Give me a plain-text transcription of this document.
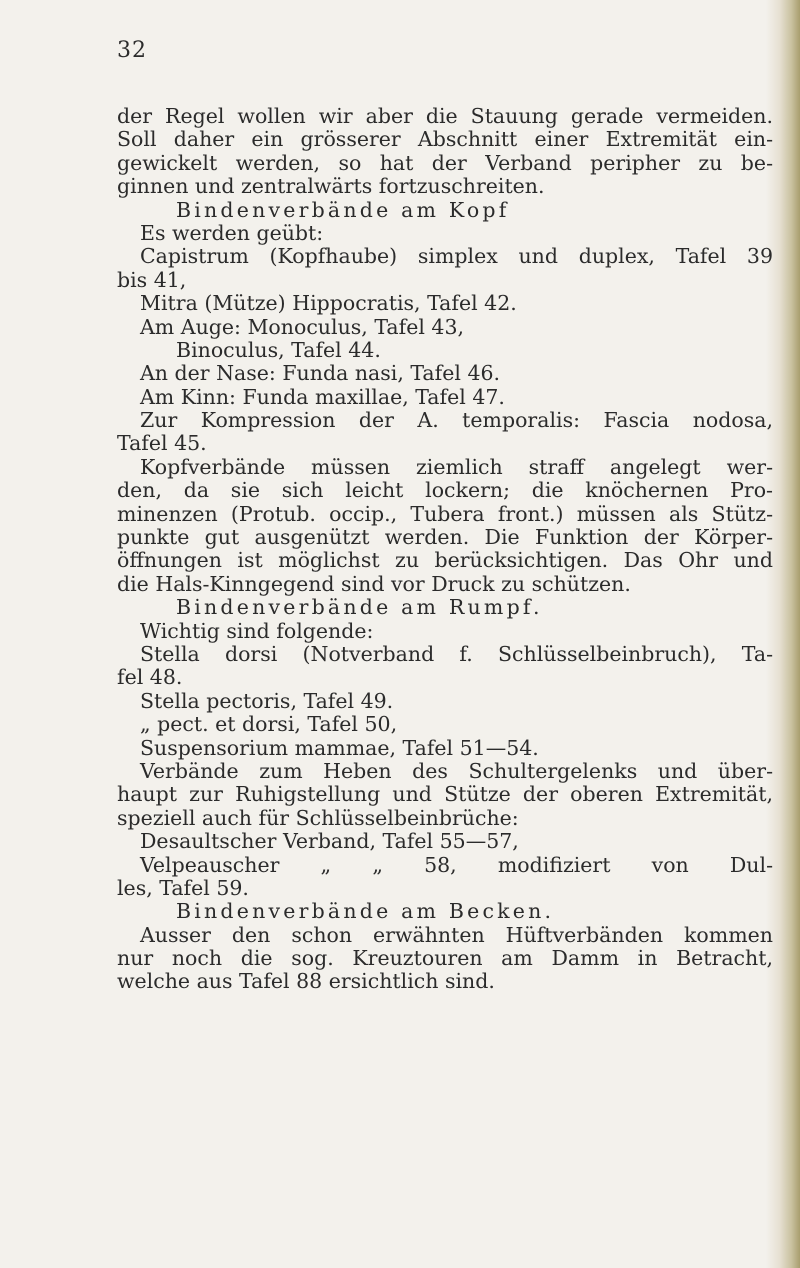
32
der Regel wollen wir aber die Stauung gerade vermeiden.
Soll daher ein grösserer Abschnitt einer Extremität ein-
gewickelt werden, so hat der Verband peripher zu be-
ginnen und zentralwärts fortzuschreiten.
Bindenverbände am Kopf
Es werden geübt:
Capistrum (Kopfhaube) simplex und duplex, Tafel 39
bis 41,
Mitra (Mütze) Hippocratis, Tafel 42.
Am Auge: Monoculus, Tafel 43,
Binoculus, Tafel 44.
An der Nase: Funda nasi, Tafel 46.
Am Kinn: Funda maxillae, Tafel 47.
Zur Kompression der A. temporalis: Fascia nodosa,
Tafel 45.
Kopfverbände müssen ziemlich straff angelegt wer-
den, da sie sich leicht lockern; die knöchernen Pro-
minenzen (Protub. occip., Tubera front.) müssen als Stütz-
punkte gut ausgenützt werden. Die Funktion der Körper-
öffnungen ist möglichst zu berücksichtigen. Das Ohr und
die Hals-Kinngegend sind vor Druck zu schützen.
Bindenverbände am Rumpf.
Wichtig sind folgende:
Stella dorsi (Notverband f. Schlüsselbeinbruch), Ta-
fel 48.
Stella pectoris, Tafel 49.
„ pect. et dorsi, Tafel 50,
Suspensorium mammae, Tafel 51—54.
Verbände zum Heben des Schultergelenks und über-
haupt zur Ruhigstellung und Stütze der oberen Extremität,
speziell auch für Schlüsselbeinbrüche:
Desaultscher Verband, Tafel 55—57,
Velpeauscher „ „ 58, modifiziert von Dul-
les, Tafel 59.
Bindenverbände am Becken.
Ausser den schon erwähnten Hüftverbänden kommen
nur noch die sog. Kreuztouren am Damm in Betracht,
welche aus Tafel 88 ersichtlich sind.
